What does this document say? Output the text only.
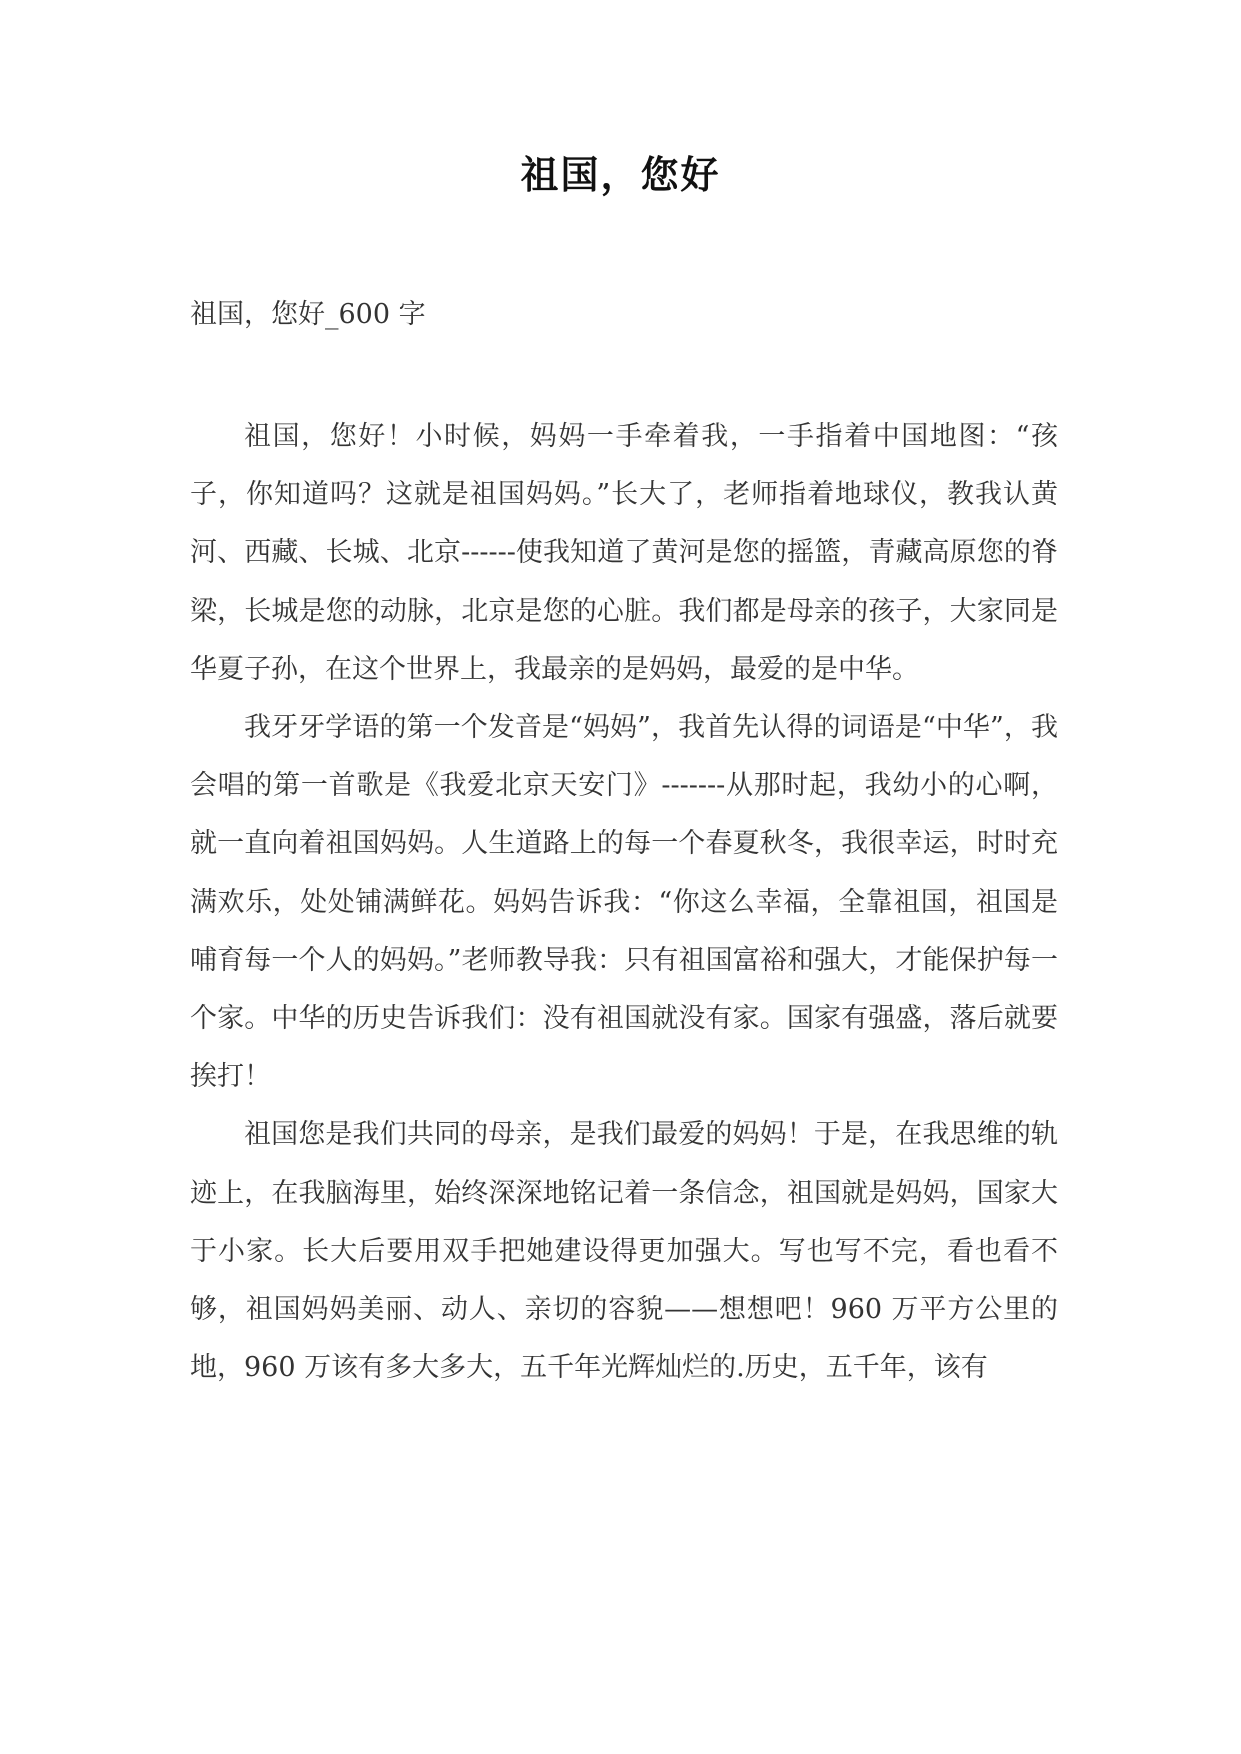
祖国，您好

祖国，您好_600 字

祖国，您好！小时候，妈妈一手牵着我，一手指着中国地图：“孩子，你知道吗？这就是祖国妈妈。”长大了，老师指着地球仪，教我认黄河、西藏、长城、北京------使我知道了黄河是您的摇篮，青藏高原您的脊梁，长城是您的动脉，北京是您的心脏。我们都是母亲的孩子，大家同是华夏子孙，在这个世界上，我最亲的是妈妈，最爱的是中华。

我牙牙学语的第一个发音是“妈妈”，我首先认得的词语是“中华”，我会唱的第一首歌是《我爱北京天安门》-------从那时起，我幼小的心啊，就一直向着祖国妈妈。人生道路上的每一个春夏秋冬，我很幸运，时时充满欢乐，处处铺满鲜花。妈妈告诉我：“你这么幸福，全靠祖国，祖国是哺育每一个人的妈妈。”老师教导我：只有祖国富裕和强大，才能保护每一个家。中华的历史告诉我们：没有祖国就没有家。国家有强盛，落后就要挨打！

祖国您是我们共同的母亲，是我们最爱的妈妈！于是，在我思维的轨迹上，在我脑海里，始终深深地铭记着一条信念，祖国就是妈妈，国家大于小家。长大后要用双手把她建设得更加强大。写也写不完，看也看不够，祖国妈妈美丽、动人、亲切的容貌——想想吧！960 万平方公里的地，960 万该有多大多大，五千年光辉灿烂的.历史，五千年，该有
